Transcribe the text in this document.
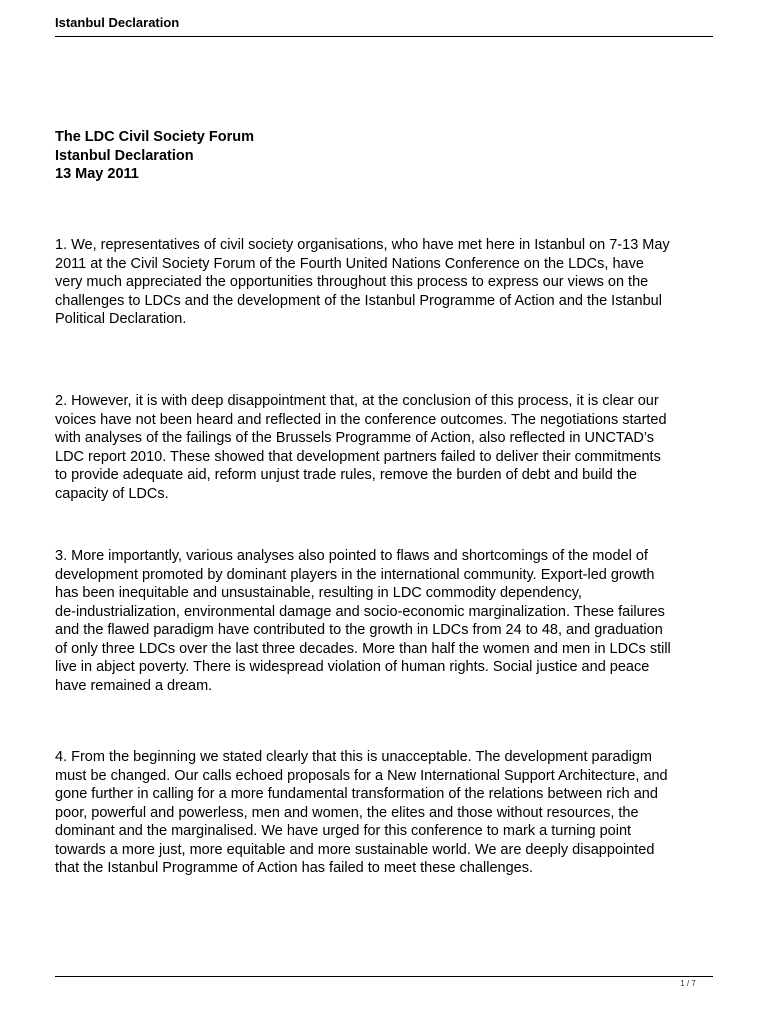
Istanbul Declaration
The LDC Civil Society Forum
Istanbul Declaration
13 May 2011

1. We, representatives of civil society organisations, who have met here in Istanbul on 7-13 May
2011 at the Civil Society Forum of the Fourth United Nations Conference on the LDCs, have
very much appreciated the opportunities throughout this process to express our views on the
challenges to LDCs and the development of the Istanbul Programme of Action and the Istanbul
Political Declaration.

2. However, it is with deep disappointment that, at the conclusion of this process, it is clear our
voices have not been heard and reflected in the conference outcomes. The negotiations started
with analyses of the failings of the Brussels Programme of Action, also reflected in UNCTAD’s
LDC report 2010. These showed that development partners failed to deliver their commitments
to provide adequate aid, reform unjust trade rules, remove the burden of debt and build the
capacity of LDCs.

3. More importantly, various analyses also pointed to flaws and shortcomings of the model of
development promoted by dominant players in the international community. Export-led growth
has been inequitable and unsustainable, resulting in LDC commodity dependency,
de-industrialization, environmental damage and socio-economic marginalization. These failures
and the flawed paradigm have contributed to the growth in LDCs from 24 to 48, and graduation
of only three LDCs over the last three decades. More than half the women and men in LDCs still
live in abject poverty. There is widespread violation of human rights. Social justice and peace
have remained a dream.

4. From the beginning we stated clearly that this is unacceptable. The development paradigm
must be changed. Our calls echoed proposals for a New International Support Architecture, and
gone further in calling for a more fundamental transformation of the relations between rich and
poor, powerful and powerless, men and women, the elites and those without resources, the
dominant and the marginalised. We have urged for this conference to mark a turning point
towards a more just, more equitable and more sustainable world. We are deeply disappointed
that the Istanbul Programme of Action has failed to meet these challenges.

1 / 7
